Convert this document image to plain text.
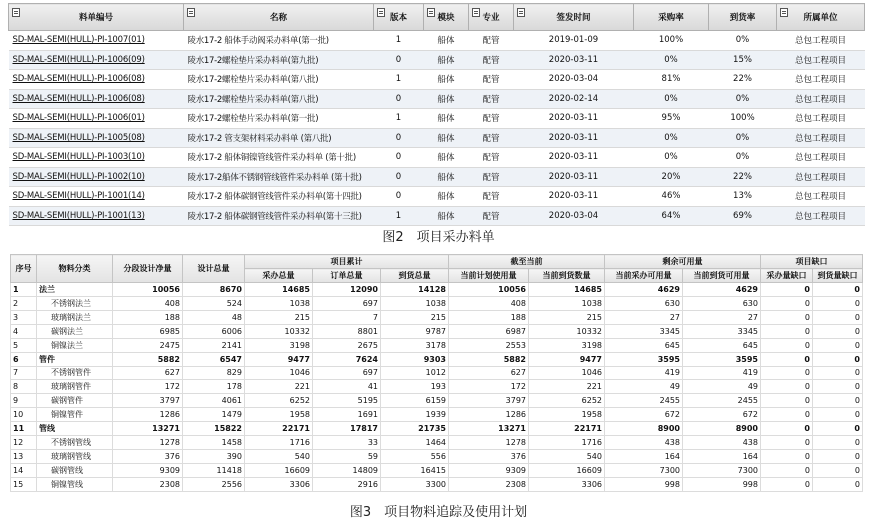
料单编号	名称	版本	模块	专业	签发时间	采购率	到货率	所属单位
SD-MAL-SEMI(HULL)-PI-1007(01)	陵水17-2 船体手动阀采办料单(第一批)	1	船体	配管	2019-01-09	100%	0%	总包工程项目
SD-MAL-SEMI(HULL)-PI-1006(09)	陵水17-2螺栓垫片采办料单(第九批)	0	船体	配管	2020-03-11	0%	15%	总包工程项目
SD-MAL-SEMI(HULL)-PI-1006(08)	陵水17-2螺栓垫片采办料单(第八批)	1	船体	配管	2020-03-04	81%	22%	总包工程项目
SD-MAL-SEMI(HULL)-PI-1006(08)	陵水17-2螺栓垫片采办料单(第八批)	0	船体	配管	2020-02-14	0%	0%	总包工程项目
SD-MAL-SEMI(HULL)-PI-1006(01)	陵水17-2螺栓垫片采办料单(第一批)	1	船体	配管	2020-03-11	95%	100%	总包工程项目
SD-MAL-SEMI(HULL)-PI-1005(08)	陵水17-2 管支架材料采办料单 (第八批)	0	船体	配管	2020-03-11	0%	0%	总包工程项目
SD-MAL-SEMI(HULL)-PI-1003(10)	陵水17-2 船体铜镍管线管件采办料单 (第十批)	0	船体	配管	2020-03-11	0%	0%	总包工程项目
SD-MAL-SEMI(HULL)-PI-1002(10)	陵水17-2船体不锈钢管线管件采办料单 (第十批)	0	船体	配管	2020-03-11	20%	22%	总包工程项目
SD-MAL-SEMI(HULL)-PI-1001(14)	陵水17-2 船体碳钢管线管件采办料单(第十四批)	0	船体	配管	2020-03-11	46%	13%	总包工程项目
SD-MAL-SEMI(HULL)-PI-1001(13)	陵水17-2 船体碳钢管线管件采办料单(第十三批)	1	船体	配管	2020-03-04	64%	69%	总包工程项目
图2　项目采办料单
序号	物料分类	分段设计净量	设计总量	项目累计			截至当前		剩余可用量		项目缺口	
				采办总量	订单总量	到货总量	当前计划使用量	当前到货数量	当前采办可用量	当前到货可用量	采办量缺口	到货量缺口
1	法兰	10056	8670	14685	12090	14128	10056	14685	4629	4629	0	0
2	不锈钢法兰	408	524	1038	697	1038	408	1038	630	630	0	0
3	玻璃钢法兰	188	48	215	7	215	188	215	27	27	0	0
4	碳钢法兰	6985	6006	10332	8801	9787	6987	10332	3345	3345	0	0
5	铜镍法兰	2475	2141	3198	2675	3178	2553	3198	645	645	0	0
6	管件	5882	6547	9477	7624	9303	5882	9477	3595	3595	0	0
7	不锈钢管件	627	829	1046	697	1012	627	1046	419	419	0	0
8	玻璃钢管件	172	178	221	41	193	172	221	49	49	0	0
9	碳钢管件	3797	4061	6252	5195	6159	3797	6252	2455	2455	0	0
10	铜镍管件	1286	1479	1958	1691	1939	1286	1958	672	672	0	0
11	管线	13271	15822	22171	17817	21735	13271	22171	8900	8900	0	0
12	不锈钢管线	1278	1458	1716	33	1464	1278	1716	438	438	0	0
13	玻璃钢管线	376	390	540	59	556	376	540	164	164	0	0
14	碳钢管线	9309	11418	16609	14809	16415	9309	16609	7300	7300	0	0
15	铜镍管线	2308	2556	3306	2916	3300	2308	3306	998	998	0	0
图3　项目物料追踪及使用计划
